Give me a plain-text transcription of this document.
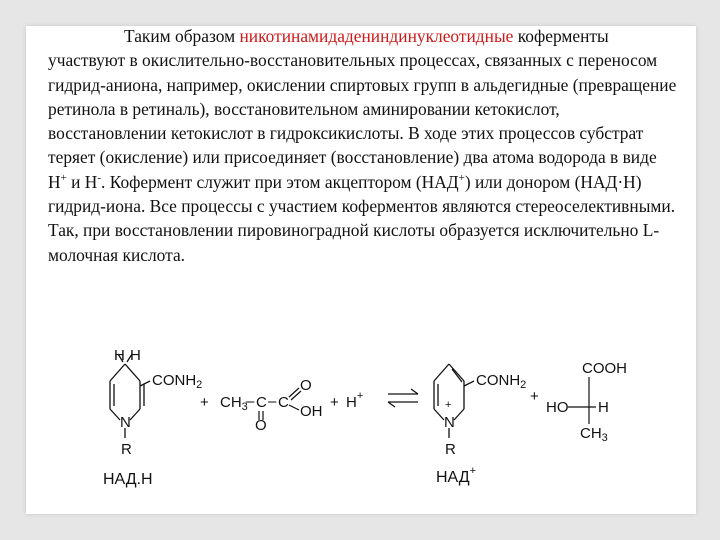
Таким образом никотинамидадениндинуклеотидные коферменты участвуют в окислительно-восстановительных процессах, связанных с переносом гидрид-аниона, например, окислении спиртовых групп в альдегидные (превращение ретинола в ретиналь), восстановительном аминировании кетокислот, восстановлении кетокислот в гидроксикислоты. В ходе этих процессов субстрат теряет (окисление) или присоединяет (восстановление) два атома водорода в виде Н+ и Н-. Кофермент служит при этом акцептором (НАД+) или донором (НАД·Н) гидрид-иона. Все процессы с участием коферментов являются стереоселективными. Так, при восстановлении пировиноградной кислоты образуется исключительно L-молочная кислота.

H H
$CONH_2$
N
R
НАД.Н
+ $CH_3$
– C – C
O
OH
O
+ H+
$CONH_2$
+
N
R
НАД+
+
COOH
HO H
$CH_3$
